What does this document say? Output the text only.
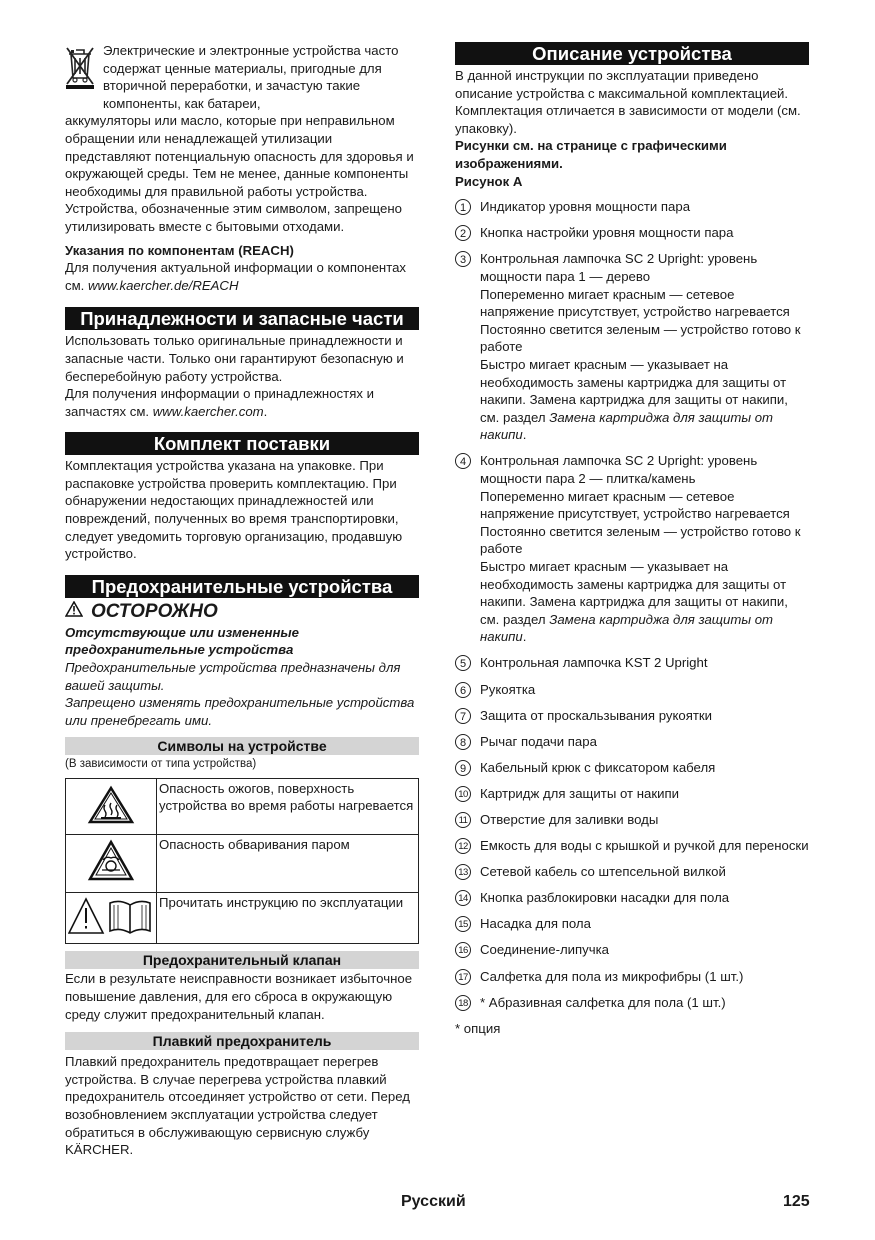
Электрические и электронные устройства часто содержат ценные материалы, пригодные для вторичной переработки, и зачастую такие компоненты, как батареи,

аккумуляторы или масло, которые при неправильном обращении или ненадлежащей утилизации представляют потенциальную опасность для здоровья и окружающей среды. Тем не менее, данные компоненты необходимы для правильной работы устройства. Устройства, обозначенные этим символом, запрещено утилизировать вместе с бытовыми отходами.

Указания по компонентам (REACH)

Для получения актуальной информации о компонентах см. www.kaercher.de/REACH

Принадлежности и запасные части

Использовать только оригинальные принадлежности и запасные части. Только они гарантируют безопасную и бесперебойную работу устройства.

Для получения информации о принадлежностях и запчастях см. www.kaercher.com.

Комплект поставки

Комплектация устройства указана на упаковке. При распаковке устройства проверить комплектацию. При обнаружении недостающих принадлежностей или повреждений, полученных во время транспортировки, следует уведомить торговую организацию, продавшую устройство.

Предохранительные устройства
ОСТОРОЖНО

Отсутствующие или измененные предохранительные устройства

Предохранительные устройства предназначены для вашей защиты.

Запрещено изменять предохранительные устройства или пренебрегать ими.

Символы на устройстве

(В зависимости от типа устройства)

	Опасность ожогов, поверхность устройства во время работы нагревается
	Опасность обваривания паром
	Прочитать инструкцию по эксплуатации
Предохранительный клапан

Если в результате неисправности возникает избыточное повышение давления, для его сброса в окружающую среду служит предохранительный клапан.

Плавкий предохранитель

Плавкий предохранитель предотвращает перегрев устройства. В случае перегрева устройства плавкий предохранитель отсоединяет устройство от сети. Перед возобновлением эксплуатации устройства следует обратиться в обслуживающую сервисную службу KÄRCHER.

Описание устройства

В данной инструкции по эксплуатации приведено описание устройства с максимальной комплектацией. Комплектация отличается в зависимости от модели (см. упаковку).

Рисунки см. на странице с графическими изображениями.

Рисунок A

1	Индикатор уровня мощности пара

2	Кнопка настройки уровня мощности пара

3	Контрольная лампочка SC 2 Upright: уровень мощности пара 1 — дерево

Попеременно мигает красным — сетевое напряжение присутствует, устройство нагревается

Постоянно светится зеленым — устройство готово к работе

Быстро мигает красным — указывает на необходимость замены картриджа для защиты от накипи. Замена картриджа для защиты от накипи, см. раздел Замена картриджа для защиты от накипи.

4	Контрольная лампочка SC 2 Upright: уровень мощности пара 2 — плитка/камень

Попеременно мигает красным — сетевое напряжение присутствует, устройство нагревается

Постоянно светится зеленым — устройство готово к работе

Быстро мигает красным — указывает на необходимость замены картриджа для защиты от накипи. Замена картриджа для защиты от накипи, см. раздел Замена картриджа для защиты от накипи.

5	Контрольная лампочка KST 2 Upright

6	Рукоятка

7	Защита от проскальзывания рукоятки

8	Рычаг подачи пара

9	Кабельный крюк с фиксатором кабеля

10 Картридж для защиты от накипи

11 Отверстие для заливки воды

12 Емкость для воды с крышкой и ручкой для переноски

13 Сетевой кабель со штепсельной вилкой

14 Кнопка разблокировки насадки для пола

15 Насадка для пола

16 Соединение-липучка

17 Салфетка для пола из микрофибры (1 шт.)

18 * Абразивная салфетка для пола (1 шт.)

* опция

Русский	125
